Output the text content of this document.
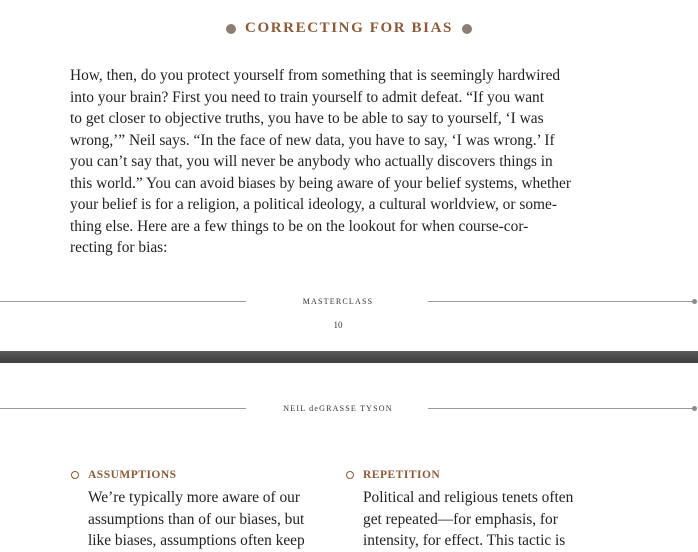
CORRECTING FOR BIAS

How, then, do you protect yourself from something that is seemingly hardwired
into your brain? First you need to train yourself to admit defeat. “If you want
to get closer to objective truths, you have to be able to say to yourself, ‘I was
wrong,’” Neil says. “In the face of new data, you have to say, ‘I was wrong.’ If
you can’t say that, you will never be anybody who actually discovers things in
this world.” You can avoid biases by being aware of your belief systems, whether
your belief is for a religion, a political ideology, a cultural worldview, or some-
thing else. Here are a few things to be on the lookout for when course-cor-
recting for bias:

MASTERCLASS
10
NEIL deGRASSE TYSON
ASSUMPTIONS
We’re typically more aware of our
assumptions than of our biases, but
like biases, assumptions often keep
REPETITION
Political and religious tenets often
get repeated—for emphasis, for
intensity, for effect. This tactic is
